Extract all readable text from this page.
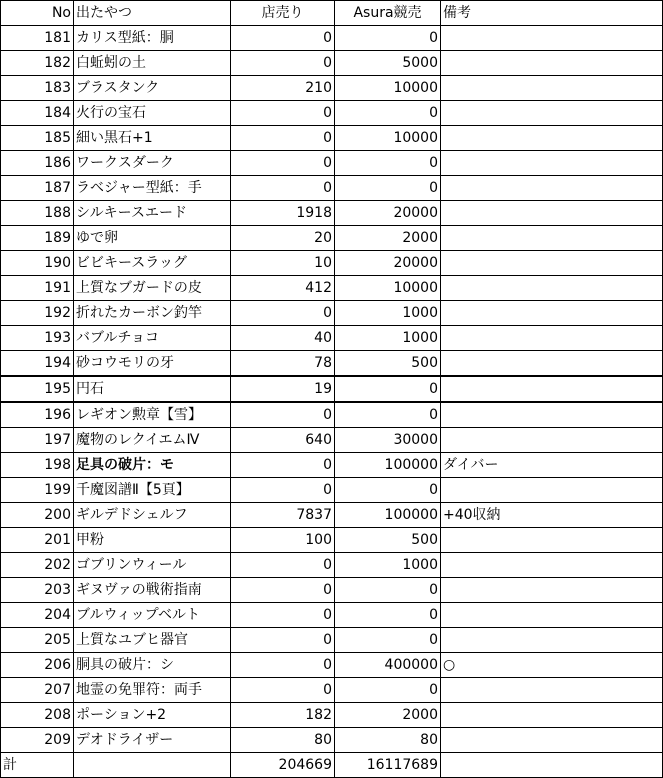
No	出たやつ	店売り	Asura競売	備考
181	カリス型紙：胴	0	0	
182	白蚯蚓の土	0	5000	
183	ブラスタンク	210	10000	
184	火行の宝石	0	0	
185	細い黒石+1	0	10000	
186	ワークスダーク	0	0	
187	ラベジャー型紙：手	0	0	
188	シルキースエード	1918	20000	
189	ゆで卵	20	2000	
190	ビビキースラッグ	10	20000	
191	上質なブガードの皮	412	10000	
192	折れたカーボン釣竿	0	1000	
193	バブルチョコ	40	1000	
194	砂コウモリの牙	78	500	
195	円石	19	0	
196	レギオン勲章【雪】	0	0	
197	魔物のレクイエムⅣ	640	30000	
198	足具の破片：モ	0	100000	ダイバー
199	千魔図譜Ⅱ【5頁】	0	0	
200	ギルデドシェルフ	7837	100000	+40収納
201	甲粉	100	500	
202	ゴブリンウィール	0	1000	
203	ギヌヴァの戦術指南	0	0	
204	ブルウィップベルト	0	0	
205	上質なユブヒ器官	0	0	
206	胴具の破片：シ	0	400000	○
207	地霊の免罪符：両手	0	0	
208	ポーション+2	182	2000	
209	デオドライザー	80	80	
計		204669	16117689	
